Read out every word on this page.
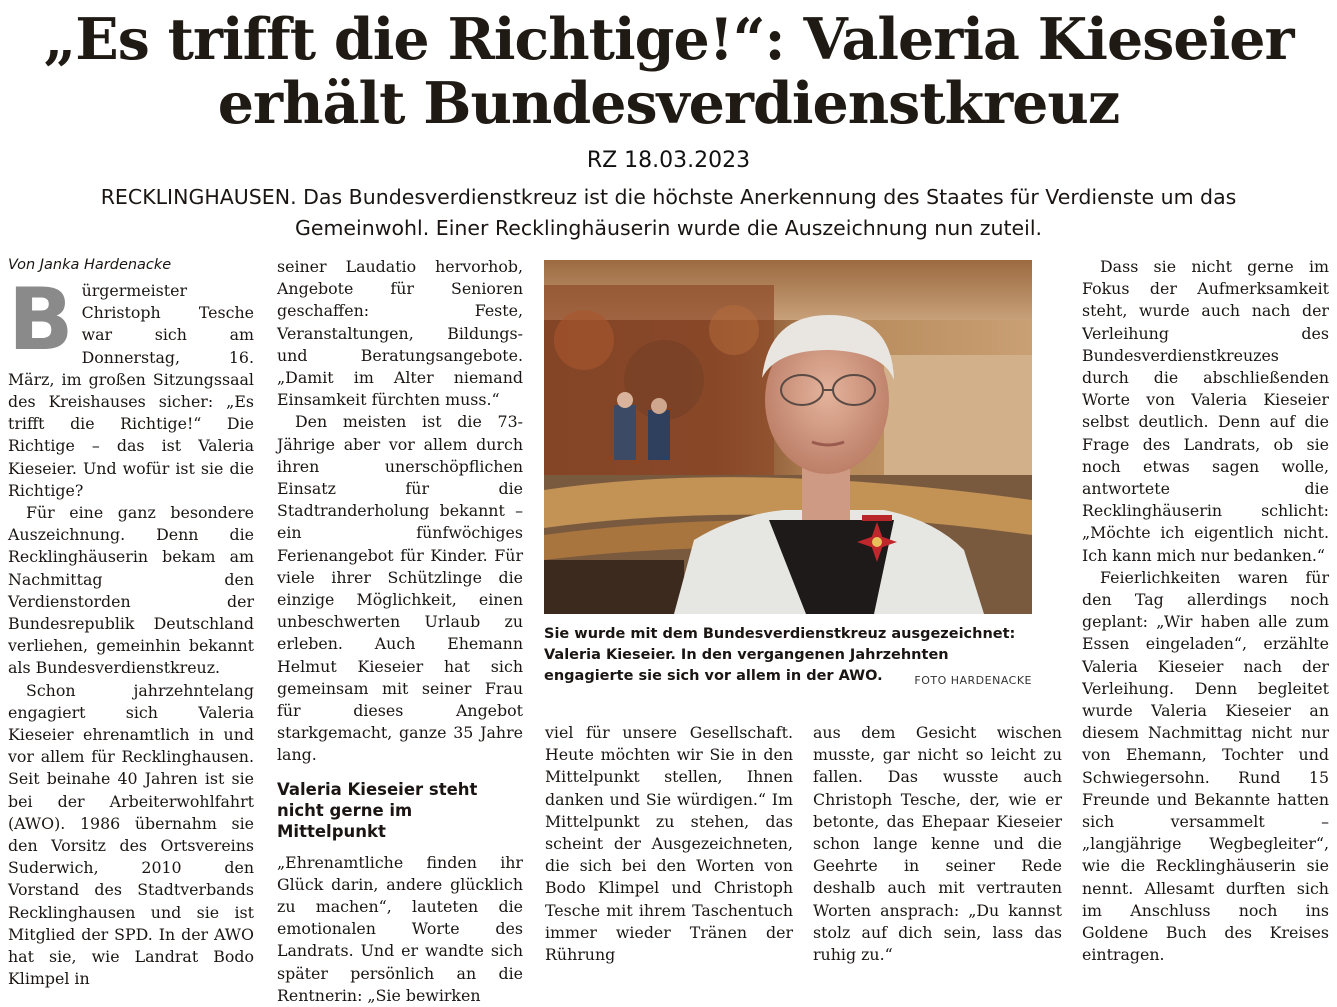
„Es trifft die Richtige!“: Valeria Kieseier
erhält Bundesverdienstkreuz
RZ 18.03.2023

RECKLINGHAUSEN. Das Bundesverdienstkreuz ist die höchste Anerkennung des Staates für Verdienste um das Gemeinwohl. Einer Recklinghäuserin wurde die Auszeichnung nun zuteil.

Von Janka Hardenacke

Bürgermeister Christoph Tesche war sich am Donnerstag, 16. März, im großen Sitzungssaal des Kreishauses sicher: „Es trifft die Richtige!“ Die Richtige – das ist Valeria Kieseier. Und wofür ist sie die Richtige?

Für eine ganz besondere Auszeichnung. Denn die Recklinghäuserin bekam am Nachmittag den Verdienstorden der Bundesrepublik Deutschland verliehen, gemeinhin bekannt als Bundesverdienstkreuz.

Schon jahrzehntelang engagiert sich Valeria Kieseier ehrenamtlich in und vor allem für Recklinghausen. Seit beinahe 40 Jahren ist sie bei der Arbeiterwohlfahrt (AWO). 1986 übernahm sie den Vorsitz des Ortsvereins Suderwich, 2010 den Vorstand des Stadtverbands Recklinghausen und sie ist Mitglied der SPD. In der AWO hat sie, wie Landrat Bodo Klimpel in

seiner Laudatio hervorhob, Angebote für Senioren geschaffen: Feste, Veranstaltungen, Bildungs- und Beratungsangebote. „Damit im Alter niemand Einsamkeit fürchten muss.“

Den meisten ist die 73-Jährige aber vor allem durch ihren unerschöpflichen Einsatz für die Stadtranderholung bekannt – ein fünfwöchiges Ferienangebot für Kinder. Für viele ihrer Schützlinge die einzige Möglichkeit, einen unbeschwerten Urlaub zu erleben. Auch Ehemann Helmut Kieseier hat sich gemeinsam mit seiner Frau für dieses Angebot starkgemacht, ganze 35 Jahre lang.

Valeria Kieseier steht nicht gerne im Mittelpunkt

„Ehrenamtliche finden ihr Glück darin, andere glücklich zu machen“, lauteten die emotionalen Worte des Landrats. Und er wandte sich später persönlich an die Rentnerin: „Sie bewirken

Sie wurde mit dem Bundesverdienstkreuz ausgezeichnet: Valeria Kieseier. In den vergangenen Jahrzehnten engagierte sie sich vor allem in der AWO.	FOTO HARDENACKE

viel für unsere Gesellschaft. Heute möchten wir Sie in den Mittelpunkt stellen, Ihnen danken und Sie würdigen.“ Im Mittelpunkt zu stehen, das scheint der Ausgezeichneten, die sich bei den Worten von Bodo Klimpel und Christoph Tesche mit ihrem Taschentuch immer wieder Tränen der Rührung

aus dem Gesicht wischen musste, gar nicht so leicht zu fallen. Das wusste auch Christoph Tesche, der, wie er betonte, das Ehepaar Kieseier schon lange kenne und die Geehrte in seiner Rede deshalb auch mit vertrauten Worten ansprach: „Du kannst stolz auf dich sein, lass das ruhig zu.“

Dass sie nicht gerne im Fokus der Aufmerksamkeit steht, wurde auch nach der Verleihung des Bundesverdienstkreuzes durch die abschließenden Worte von Valeria Kieseier selbst deutlich. Denn auf die Frage des Landrats, ob sie noch etwas sagen wolle, antwortete die Recklinghäuserin schlicht: „Möchte ich eigentlich nicht. Ich kann mich nur bedanken.“

Feierlichkeiten waren für den Tag allerdings noch geplant: „Wir haben alle zum Essen eingeladen“, erzählte Valeria Kieseier nach der Verleihung. Denn begleitet wurde Valeria Kieseier an diesem Nachmittag nicht nur von Ehemann, Tochter und Schwiegersohn. Rund 15 Freunde und Bekannte hatten sich versammelt – „langjährige Wegbegleiter“, wie die Recklinghäuserin sie nennt. Allesamt durften sich im Anschluss noch ins Goldene Buch des Kreises eintragen.
